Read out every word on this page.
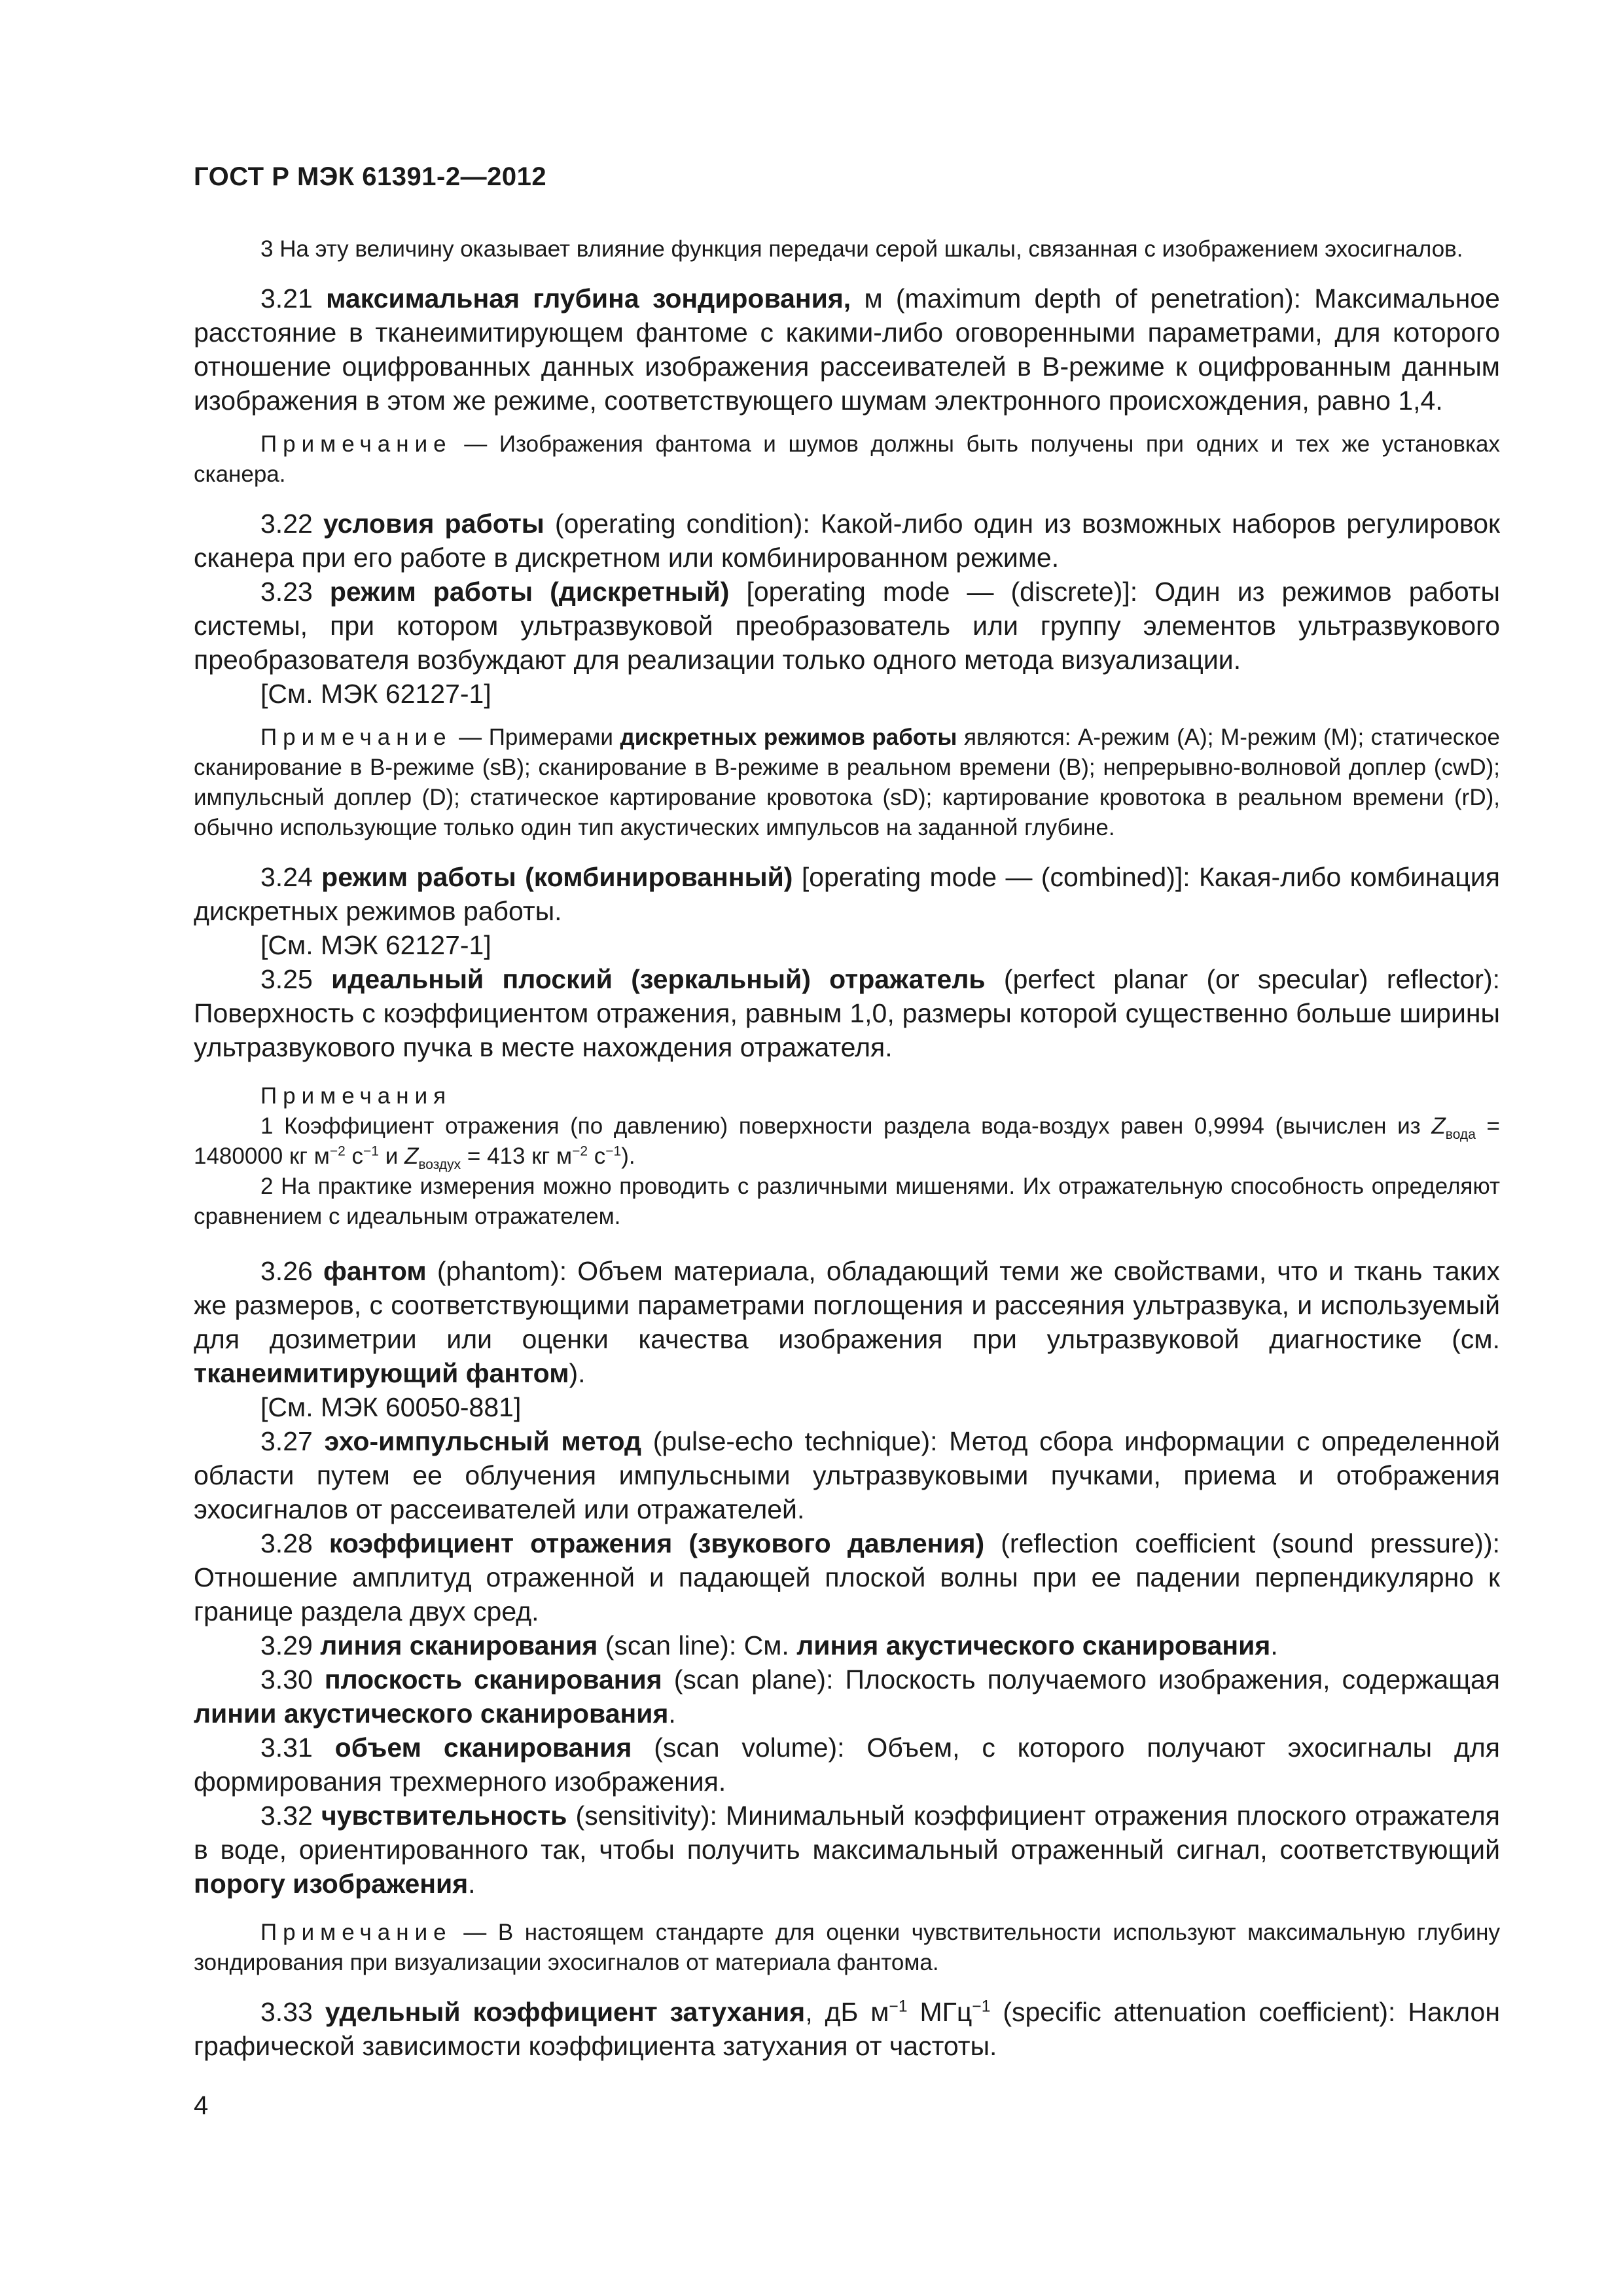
ГОСТ Р МЭК 61391-2—2012

3 На эту величину оказывает влияние функция передачи серой шкалы, связанная с изображением эхосигналов.

3.21 максимальная глубина зондирования, м (maximum depth of penetration): Максимальное расстояние в тканеимитирующем фантоме с какими-либо оговоренными параметрами, для которого отношение оцифрованных данных изображения рассеивателей в В-режиме к оцифрованным данным изображения в этом же режиме, соответствующего шумам электронного происхождения, равно 1,4.

Примечание — Изображения фантома и шумов должны быть получены при одних и тех же установках сканера.

3.22 условия работы (operating condition): Какой-либо один из возможных наборов регулировок сканера при его работе в дискретном или комбинированном режиме.

3.23 режим работы (дискретный) [operating mode — (discrete)]: Один из режимов работы системы, при котором ультразвуковой преобразователь или группу элементов ультразвукового преобразователя возбуждают для реализации только одного метода визуализации.

[См. МЭК 62127-1]

Примечание — Примерами дискретных режимов работы являются: A-режим (А); М-режим (М); статическое сканирование в В-режиме (sB); сканирование в В-режиме в реальном времени (В); непрерывно-волновой доплер (cwD); импульсный доплер (D); статическое картирование кровотока (sD); картирование кровотока в реальном времени (rD), обычно использующие только один тип акустических импульсов на заданной глубине.

3.24 режим работы (комбинированный) [operating mode — (combined)]: Какая-либо комбинация дискретных режимов работы.

[См. МЭК 62127-1]

3.25 идеальный плоский (зеркальный) отражатель (perfect planar (or specular) reflector): Поверхность с коэффициентом отражения, равным 1,0, размеры которой существенно больше ширины ультразвукового пучка в месте нахождения отражателя.

Примечания

1 Коэффициент отражения (по давлению) поверхности раздела вода-воздух равен 0,9994 (вычислен из $Z_{вода} = 1480000$ кг $м^{-2}$ $с^{-1}$ и $Z_{воздух} = 413$ кг $м^{-2}$ $с^{-1}$).

2 На практике измерения можно проводить с различными мишенями. Их отражательную способность определяют сравнением с идеальным отражателем.

3.26 фантом (phantom): Объем материала, обладающий теми же свойствами, что и ткань таких же размеров, с соответствующими параметрами поглощения и рассеяния ультразвука, и используемый для дозиметрии или оценки качества изображения при ультразвуковой диагностике (см. тканеимитирующий фантом).

[См. МЭК 60050-881]

3.27 эхо-импульсный метод (pulse-echo technique): Метод сбора информации с определенной области путем ее облучения импульсными ультразвуковыми пучками, приема и отображения эхосигналов от рассеивателей или отражателей.

3.28 коэффициент отражения (звукового давления) (reflection coefficient (sound pressure)): Отношение амплитуд отраженной и падающей плоской волны при ее падении перпендикулярно к границе раздела двух сред.

3.29 линия сканирования (scan line): См. линия акустического сканирования.

3.30 плоскость сканирования (scan plane): Плоскость получаемого изображения, содержащая линии акустического сканирования.

3.31 объем сканирования (scan volume): Объем, с которого получают эхосигналы для формирования трехмерного изображения.

3.32 чувствительность (sensitivity): Минимальный коэффициент отражения плоского отражателя в воде, ориентированного так, чтобы получить максимальный отраженный сигнал, соответствующий порогу изображения.

Примечание — В настоящем стандарте для оценки чувствительности используют максимальную глубину зондирования при визуализации эхосигналов от материала фантома.

3.33 удельный коэффициент затухания, дБ $м^{-1}$ МГц$^{-1}$ (specific attenuation coefficient): Наклон графической зависимости коэффициента затухания от частоты.

4
